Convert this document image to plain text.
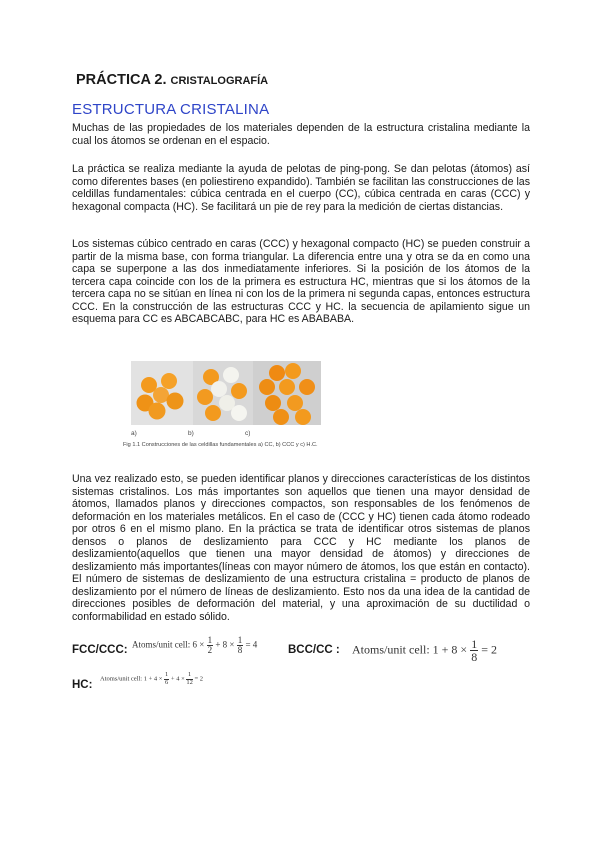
PRÁCTICA 2. CRISTALOGRAFÍA
ESTRUCTURA CRISTALINA

Muchas de las propiedades de los materiales dependen de la estructura cristalina mediante la cual los átomos se ordenan en el espacio.

La práctica se realiza mediante la ayuda de pelotas de ping-pong. Se dan pelotas (átomos) así como diferentes bases (en poliestireno expandido). También se facilitan las construcciones de las celdillas fundamentales: cúbica centrada en el cuerpo (CC), cúbica centrada en caras (CCC) y hexagonal compacta (HC). Se facilitará un pie de rey para la medición de ciertas distancias.

Los sistemas cúbico centrado en caras (CCC) y hexagonal compacto (HC) se pueden construir a partir de la misma base, con forma triangular. La diferencia entre una y otra se da en como una capa se superpone a las dos inmediatamente inferiores. Si la posición de los átomos de la tercera capa coincide con los de la primera es estructura HC, mientras que si los átomos de la tercera capa no se sitúan en línea ni con los de la primera ni segunda capas, entonces estructura CCC. En la construcción de las estructuras CCC y HC. la secuencia de apilamiento sigue un esquema para CC es ABCABCABC, para HC es ABABABA.

a)	b)	c)
Fig 1.1 Construcciones de las celdillas fundamentales a) CC, b) CCC y c) H.C.

Una vez realizado esto, se pueden identificar planos y direcciones características de los distintos sistemas cristalinos. Los más importantes son aquellos que tienen una mayor densidad de átomos, llamados planos y direcciones compactos, son responsables de los fenómenos de deformación en los materiales metálicos. En el caso de (CCC y HC) tienen cada átomo rodeado por otros 6 en el mismo plano. En la práctica se trata de identificar otros sistemas de planos densos o planos de deslizamiento para CCC y HC mediante los planos de deslizamiento(aquellos que tienen una mayor densidad de átomos) y direcciones de deslizamiento más importantes(líneas con mayor número de átomos, los que están en contacto). El número de sistemas de deslizamiento de una estructura cristalina = producto de planos de deslizamiento por el número de líneas de deslizamiento. Esto nos da una idea de la cantidad de direcciones posibles de deformación del material, y una aproximación de su ductilidad o conformabilidad en estado sólido.

FCC/CCC: Atoms/unit cell: $6 \times \frac{1}{2} + 8 \times \frac{1}{8} = 4$	BCC/CC : Atoms/unit cell: $1 + 8 \times \frac{1}{8} = 2$
HC:
Atoms/unit cell: $1 + 4 \times \frac{1}{6} + 4 \times \frac{1}{12} = 2$
